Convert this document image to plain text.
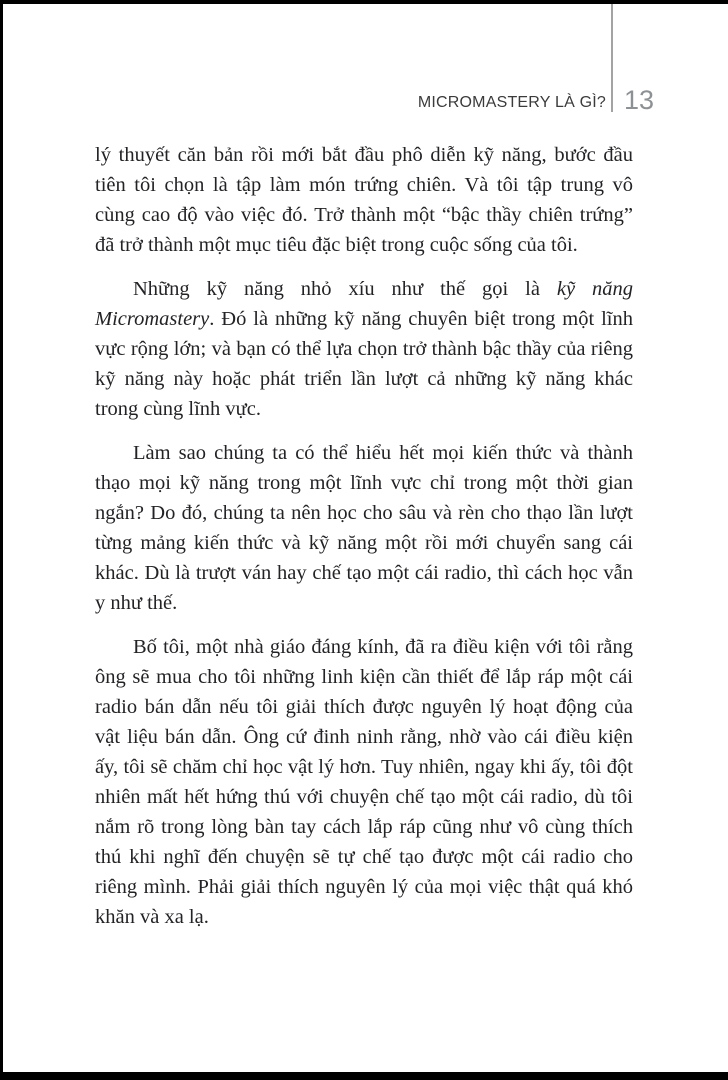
MICROMASTERY LÀ GÌ? 13

lý thuyết căn bản rồi mới bắt đầu phô diễn kỹ năng, bước đầu tiên tôi chọn là tập làm món trứng chiên. Và tôi tập trung vô cùng cao độ vào việc đó. Trở thành một “bậc thầy chiên trứng” đã trở thành một mục tiêu đặc biệt trong cuộc sống của tôi.

Những kỹ năng nhỏ xíu như thế gọi là kỹ năng Micromastery. Đó là những kỹ năng chuyên biệt trong một lĩnh vực rộng lớn; và bạn có thể lựa chọn trở thành bậc thầy của riêng kỹ năng này hoặc phát triển lần lượt cả những kỹ năng khác trong cùng lĩnh vực.

Làm sao chúng ta có thể hiểu hết mọi kiến thức và thành thạo mọi kỹ năng trong một lĩnh vực chỉ trong một thời gian ngắn? Do đó, chúng ta nên học cho sâu và rèn cho thạo lần lượt từng mảng kiến thức và kỹ năng một rồi mới chuyển sang cái khác. Dù là trượt ván hay chế tạo một cái radio, thì cách học vẫn y như thế.

Bố tôi, một nhà giáo đáng kính, đã ra điều kiện với tôi rằng ông sẽ mua cho tôi những linh kiện cần thiết để lắp ráp một cái radio bán dẫn nếu tôi giải thích được nguyên lý hoạt động của vật liệu bán dẫn. Ông cứ đinh ninh rằng, nhờ vào cái điều kiện ấy, tôi sẽ chăm chỉ học vật lý hơn. Tuy nhiên, ngay khi ấy, tôi đột nhiên mất hết hứng thú với chuyện chế tạo một cái radio, dù tôi nắm rõ trong lòng bàn tay cách lắp ráp cũng như vô cùng thích thú khi nghĩ đến chuyện sẽ tự chế tạo được một cái radio cho riêng mình. Phải giải thích nguyên lý của mọi việc thật quá khó khăn và xa lạ.
